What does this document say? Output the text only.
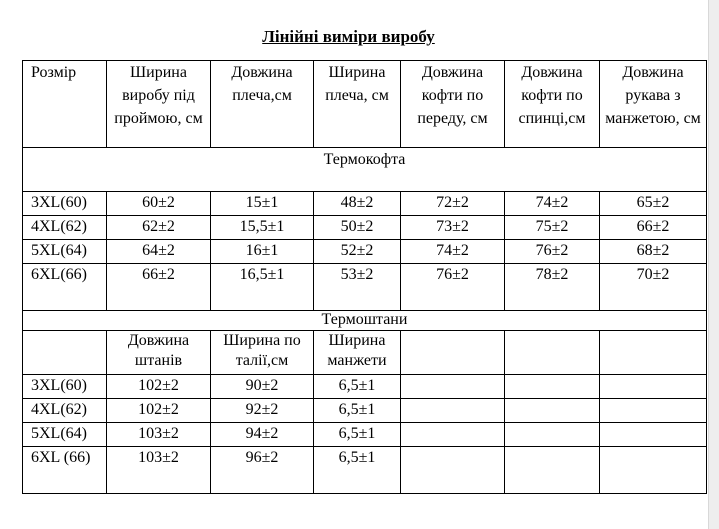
Лінійні виміри виробу
Розмір	Ширина виробу під проймою, см	Довжина плеча,см	Ширина плеча, см	Довжина кофти по переду, см	Довжина кофти по спинці,см	Довжина рукава з манжетою, см
Термокофта						
3XL(60)	60±2	15±1	48±2	72±2	74±2	65±2
4XL(62)	62±2	15,5±1	50±2	73±2	75±2	66±2
5XL(64)	64±2	16±1	52±2	74±2	76±2	68±2
6XL(66)	66±2	16,5±1	53±2	76±2	78±2	70±2
Термоштани						
	Довжина штанів	Ширина по талії,см	Ширина манжети			
3XL(60)	102±2	90±2	6,5±1			
4XL(62)	102±2	92±2	6,5±1			
5XL(64)	103±2	94±2	6,5±1			
6XL (66)	103±2	96±2	6,5±1			
